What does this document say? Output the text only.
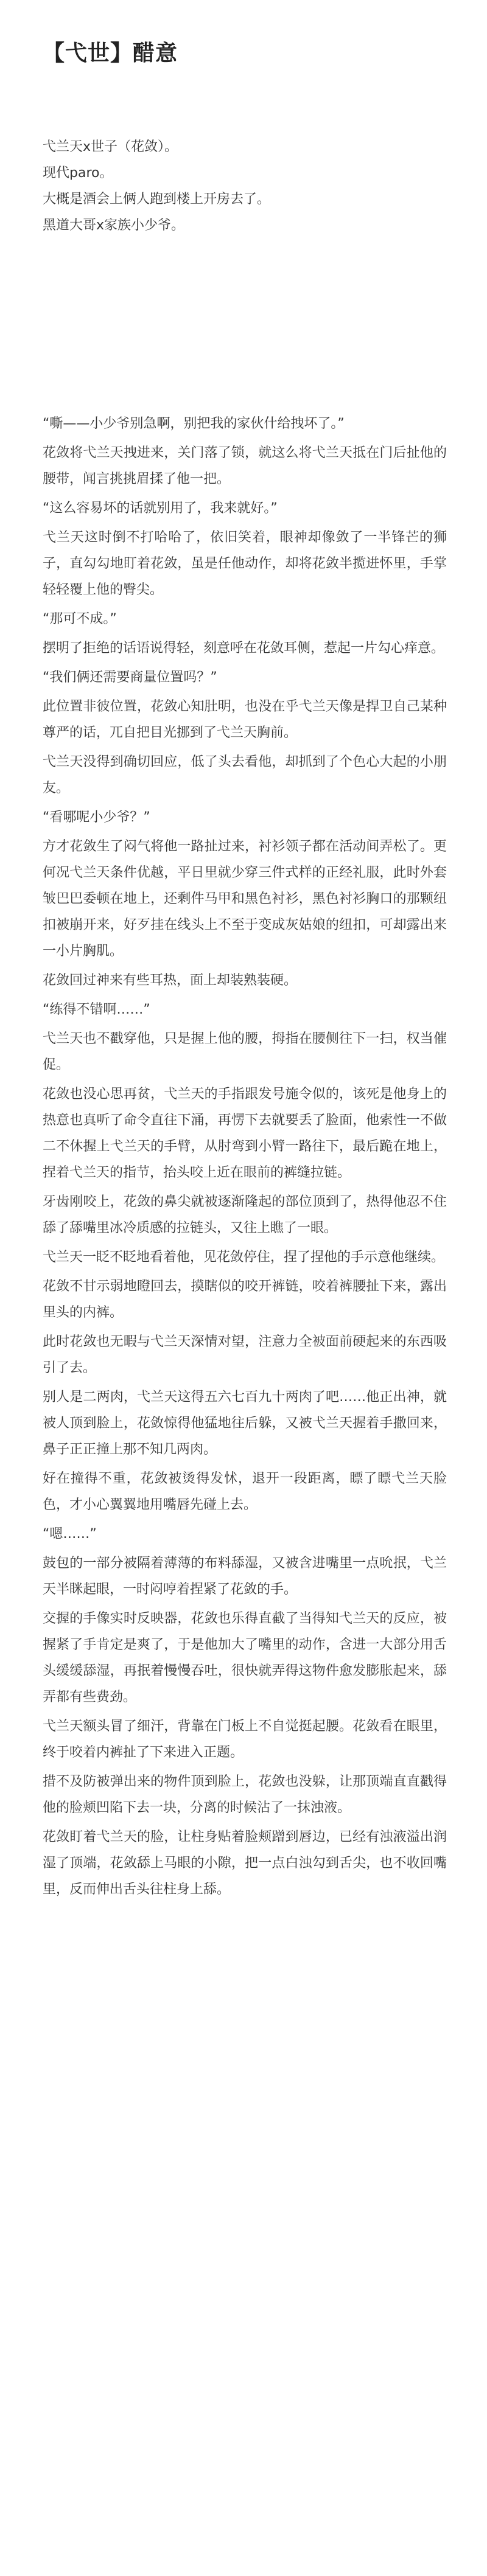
【弋世】醋意

弋兰天x世子（花敛）。

现代paro。

大概是酒会上俩人跑到楼上开房去了。

黑道大哥x家族小少爷。

“嘶——小少爷别急啊，别把我的家伙什给拽坏了。”

花敛将弋兰天拽进来，关门落了锁，就这么将弋兰天抵在门后扯他的腰带，闻言挑挑眉揉了他一把。

“这么容易坏的话就别用了，我来就好。”

弋兰天这时倒不打哈哈了，依旧笑着，眼神却像敛了一半锋芒的狮子，直勾勾地盯着花敛，虽是任他动作，却将花敛半揽进怀里，手掌轻轻覆上他的臀尖。

“那可不成。”

摆明了拒绝的话语说得轻，刻意呼在花敛耳侧，惹起一片勾心痒意。

“我们俩还需要商量位置吗？”

此位置非彼位置，花敛心知肚明，也没在乎弋兰天像是捍卫自己某种尊严的话，兀自把目光挪到了弋兰天胸前。

弋兰天没得到确切回应，低了头去看他，却抓到了个色心大起的小朋友。

“看哪呢小少爷？”

方才花敛生了闷气将他一路扯过来，衬衫领子都在活动间弄松了。更何况弋兰天条件优越，平日里就少穿三件式样的正经礼服，此时外套皱巴巴委顿在地上，还剩件马甲和黑色衬衫，黑色衬衫胸口的那颗纽扣被崩开来，好歹挂在线头上不至于变成灰姑娘的纽扣，可却露出来一小片胸肌。

花敛回过神来有些耳热，面上却装熟装硬。

“练得不错啊……”

弋兰天也不戳穿他，只是握上他的腰，拇指在腰侧往下一扫，权当催促。

花敛也没心思再贫，弋兰天的手指跟发号施令似的，该死是他身上的热意也真听了命令直往下涌，再愣下去就要丢了脸面，他索性一不做二不休握上弋兰天的手臂，从肘弯到小臂一路往下，最后跪在地上，捏着弋兰天的指节，抬头咬上近在眼前的裤缝拉链。

牙齿刚咬上，花敛的鼻尖就被逐渐隆起的部位顶到了，热得他忍不住舔了舔嘴里冰冷质感的拉链头，又往上瞧了一眼。

弋兰天一眨不眨地看着他，见花敛停住，捏了捏他的手示意他继续。

花敛不甘示弱地瞪回去，摸瞎似的咬开裤链，咬着裤腰扯下来，露出里头的内裤。

此时花敛也无暇与弋兰天深情对望，注意力全被面前硬起来的东西吸引了去。

别人是二两肉，弋兰天这得五六七百九十两肉了吧……他正出神，就被人顶到脸上，花敛惊得他猛地往后躲，又被弋兰天握着手撒回来，鼻子正正撞上那不知几两肉。

好在撞得不重，花敛被烫得发怵，退开一段距离，瞟了瞟弋兰天脸色，才小心翼翼地用嘴唇先碰上去。

“嗯……”

鼓包的一部分被隔着薄薄的布料舔湿，又被含进嘴里一点吮抿，弋兰天半眯起眼，一时闷哼着捏紧了花敛的手。

交握的手像实时反映器，花敛也乐得直截了当得知弋兰天的反应，被握紧了手肯定是爽了，于是他加大了嘴里的动作，含进一大部分用舌头缓缓舔湿，再抿着慢慢吞吐，很快就弄得这物件愈发膨胀起来，舔弄都有些费劲。

弋兰天额头冒了细汗，背靠在门板上不自觉挺起腰。花敛看在眼里，终于咬着内裤扯了下来进入正题。

措不及防被弹出来的物件顶到脸上，花敛也没躲，让那顶端直直戳得他的脸颊凹陷下去一块，分离的时候沾了一抹浊液。

花敛盯着弋兰天的脸，让柱身贴着脸颊蹭到唇边，已经有浊液溢出润湿了顶端，花敛舔上马眼的小隙，把一点白浊勾到舌尖，也不收回嘴里，反而伸出舌头往柱身上舔。
